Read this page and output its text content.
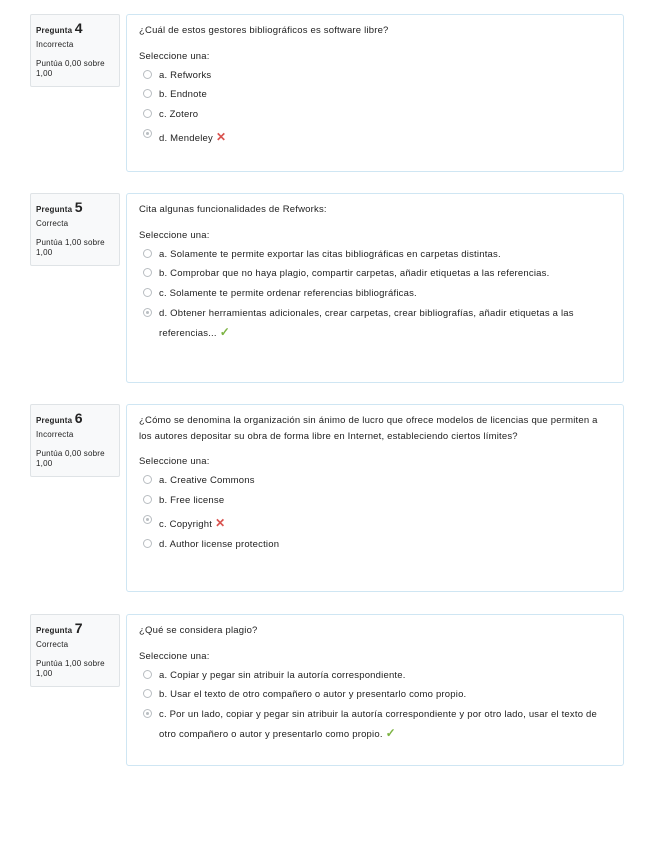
Pregunta 4
Incorrecta
Puntúa 0,00 sobre 1,00
¿Cuál de estos gestores bibliográficos es software libre?
Seleccione una:
a. Refworks
b. Endnote
c. Zotero
d. Mendeley ✕
Pregunta 5
Correcta
Puntúa 1,00 sobre 1,00
Cita algunas funcionalidades de Refworks:
Seleccione una:
a. Solamente te permite exportar las citas bibliográficas en carpetas distintas.
b. Comprobar que no haya plagio, compartir carpetas, añadir etiquetas a las referencias.
c. Solamente te permite ordenar referencias bibliográficas.
d. Obtener herramientas adicionales, crear carpetas, crear bibliografías, añadir etiquetas a las referencias... ✓
Pregunta 6
Incorrecta
Puntúa 0,00 sobre 1,00
¿Cómo se denomina la organización sin ánimo de lucro que ofrece modelos de licencias que permiten a los autores depositar su obra de forma libre en Internet, estableciendo ciertos límites?
Seleccione una:
a. Creative Commons
b. Free license
c. Copyright ✕
d. Author license protection
Pregunta 7
Correcta
Puntúa 1,00 sobre 1,00
¿Qué se considera plagio?
Seleccione una:
a. Copiar y pegar sin atribuir la autoría correspondiente.
b. Usar el texto de otro compañero o autor y presentarlo como propio.
c. Por un lado, copiar y pegar sin atribuir la autoría correspondiente y por otro lado, usar el texto de otro compañero o autor y presentarlo como propio. ✓
